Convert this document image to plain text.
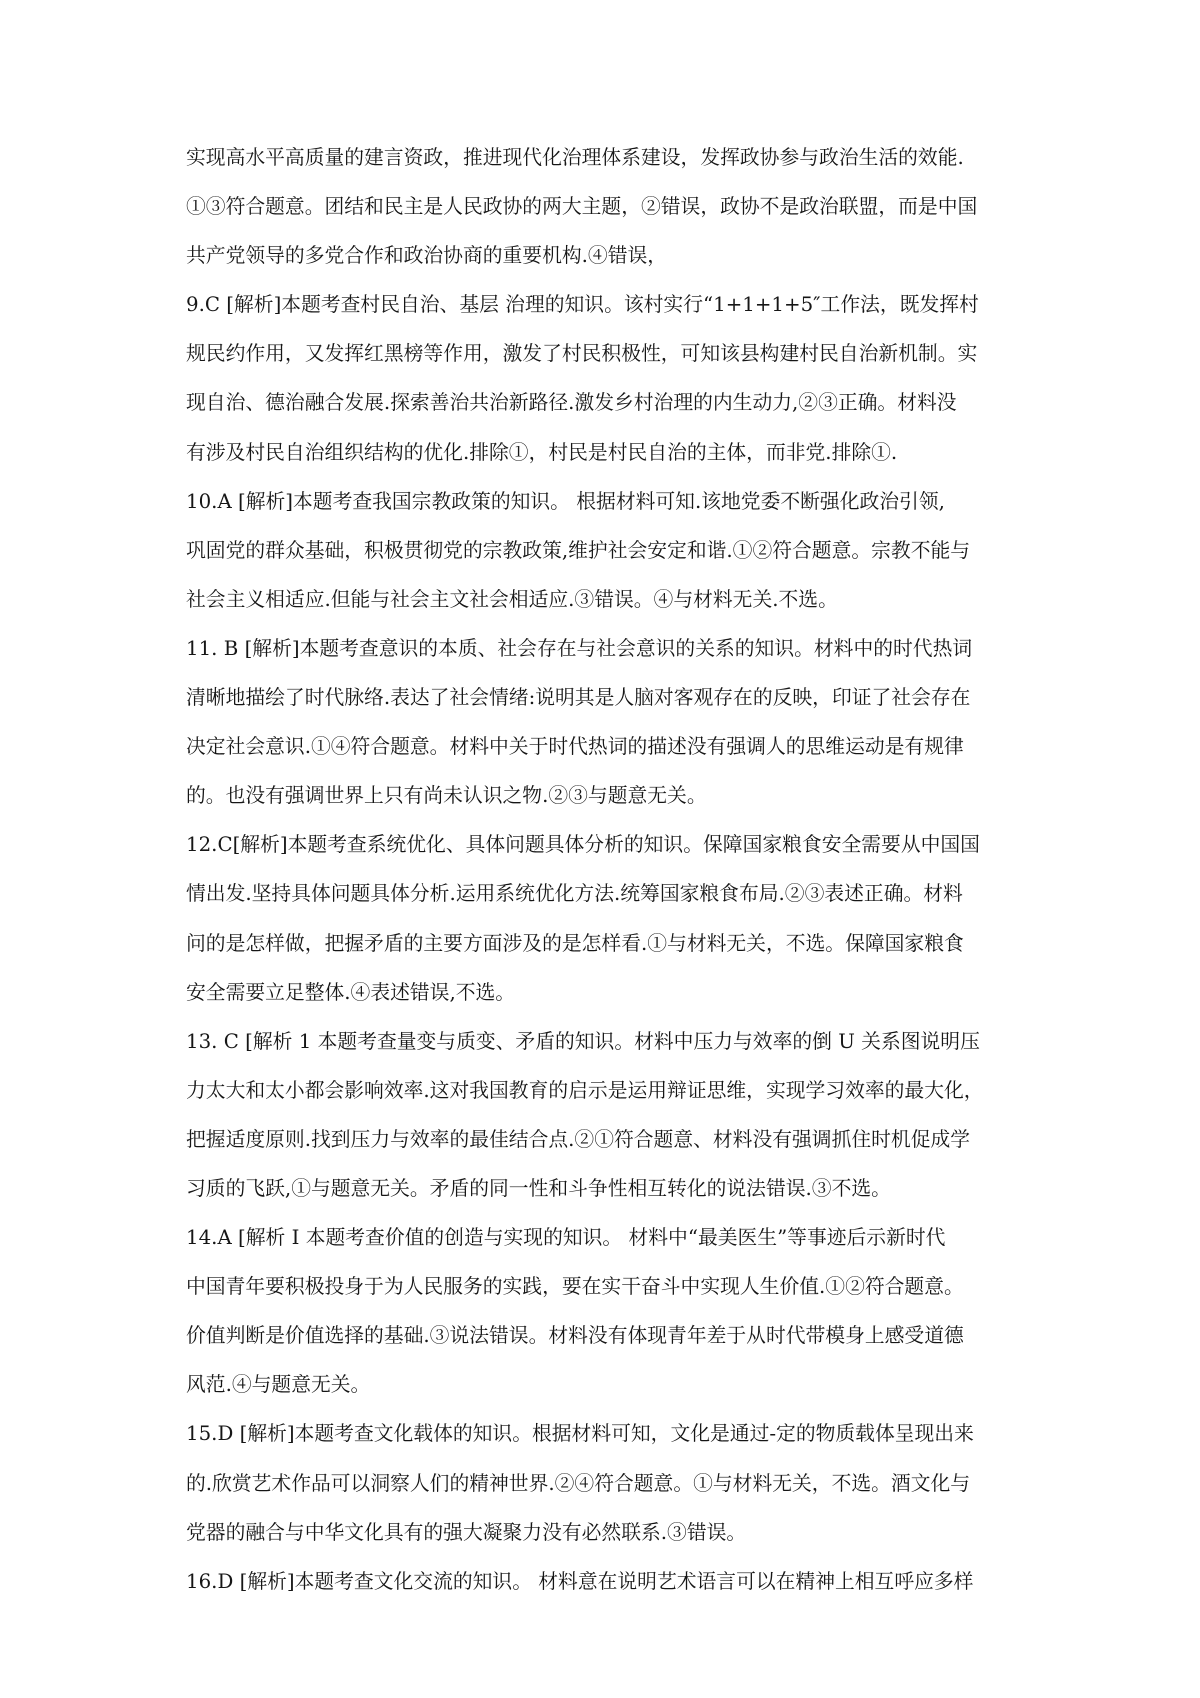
实现高水平高质量的建言资政，推进现代化治理体系建设，发挥政协参与政治生活的效能.
①③符合题意。团结和民主是人民政协的两大主题，②错误，政协不是政治联盟，而是中国
共产党领导的多党合作和政治协商的重要机构.④错误，
9.C [解析]本题考查村民自治、基层 治理的知识。该村实行“1+1+1+5″工作法，既发挥村
规民约作用，又发挥红黑榜等作用，激发了村民积极性，可知该县构建村民自治新机制。实
现自治、德治融合发展.探索善治共治新路径.激发乡村治理的内生动力,②③正确。材料没
有涉及村民自治组织结构的优化.排除①，村民是村民自治的主体，而非党.排除①.
10.A [解析]本题考查我国宗教政策的知识。 根据材料可知.该地党委不断强化政治引领,
巩固党的群众基础，积极贯彻党的宗教政策,维护社会安定和谐.①②符合题意。宗教不能与
社会主义相适应.但能与社会主文社会相适应.③错误。④与材料无关.不选。
11. B [解析]本题考查意识的本质、社会存在与社会意识的关系的知识。材料中的时代热词
清晰地描绘了时代脉络.表达了社会情绪:说明其是人脑对客观存在的反映，印证了社会存在
决定社会意识.①④符合题意。材料中关于时代热词的描述没有强调人的思维运动是有规律
的。也没有强调世界上只有尚未认识之物.②③与题意无关。
12.C[解析]本题考查系统优化、具体问题具体分析的知识。保障国家粮食安全需要从中国国
情出发.坚持具体问题具体分析.运用系统优化方法.统筹国家粮食布局.②③表述正确。材料
问的是怎样做，把握矛盾的主要方面涉及的是怎样看.①与材料无关，不选。保障国家粮食
安全需要立足整体.④表述错误,不选。
13. C [解析 1 本题考查量变与质变、矛盾的知识。材料中压力与效率的倒 U 关系图说明压
力太大和太小都会影响效率.这对我国教育的启示是运用辩证思维，实现学习效率的最大化，
把握适度原则.找到压力与效率的最佳结合点.②①符合题意、材料没有强调抓住时机促成学
习质的飞跃,①与题意无关。矛盾的同一性和斗争性相互转化的说法错误.③不选。
14.A [解析 I 本题考查价值的创造与实现的知识。 材料中“最美医生”等事迹后示新时代
中国青年要积极投身于为人民服务的实践，要在实干奋斗中实现人生价值.①②符合题意。
价值判断是价值选择的基础.③说法错误。材料没有体现青年差于从时代带模身上感受道德
风范.④与题意无关。
15.D [解析]本题考查文化载体的知识。根据材料可知，文化是通过-定的物质载体呈现出来
的.欣赏艺术作品可以洞察人们的精神世界.②④符合题意。①与材料无关，不选。酒文化与
党器的融合与中华文化具有的强大凝聚力没有必然联系.③错误。
16.D [解析]本题考查文化交流的知识。 材料意在说明艺术语言可以在精神上相互呼应多样
